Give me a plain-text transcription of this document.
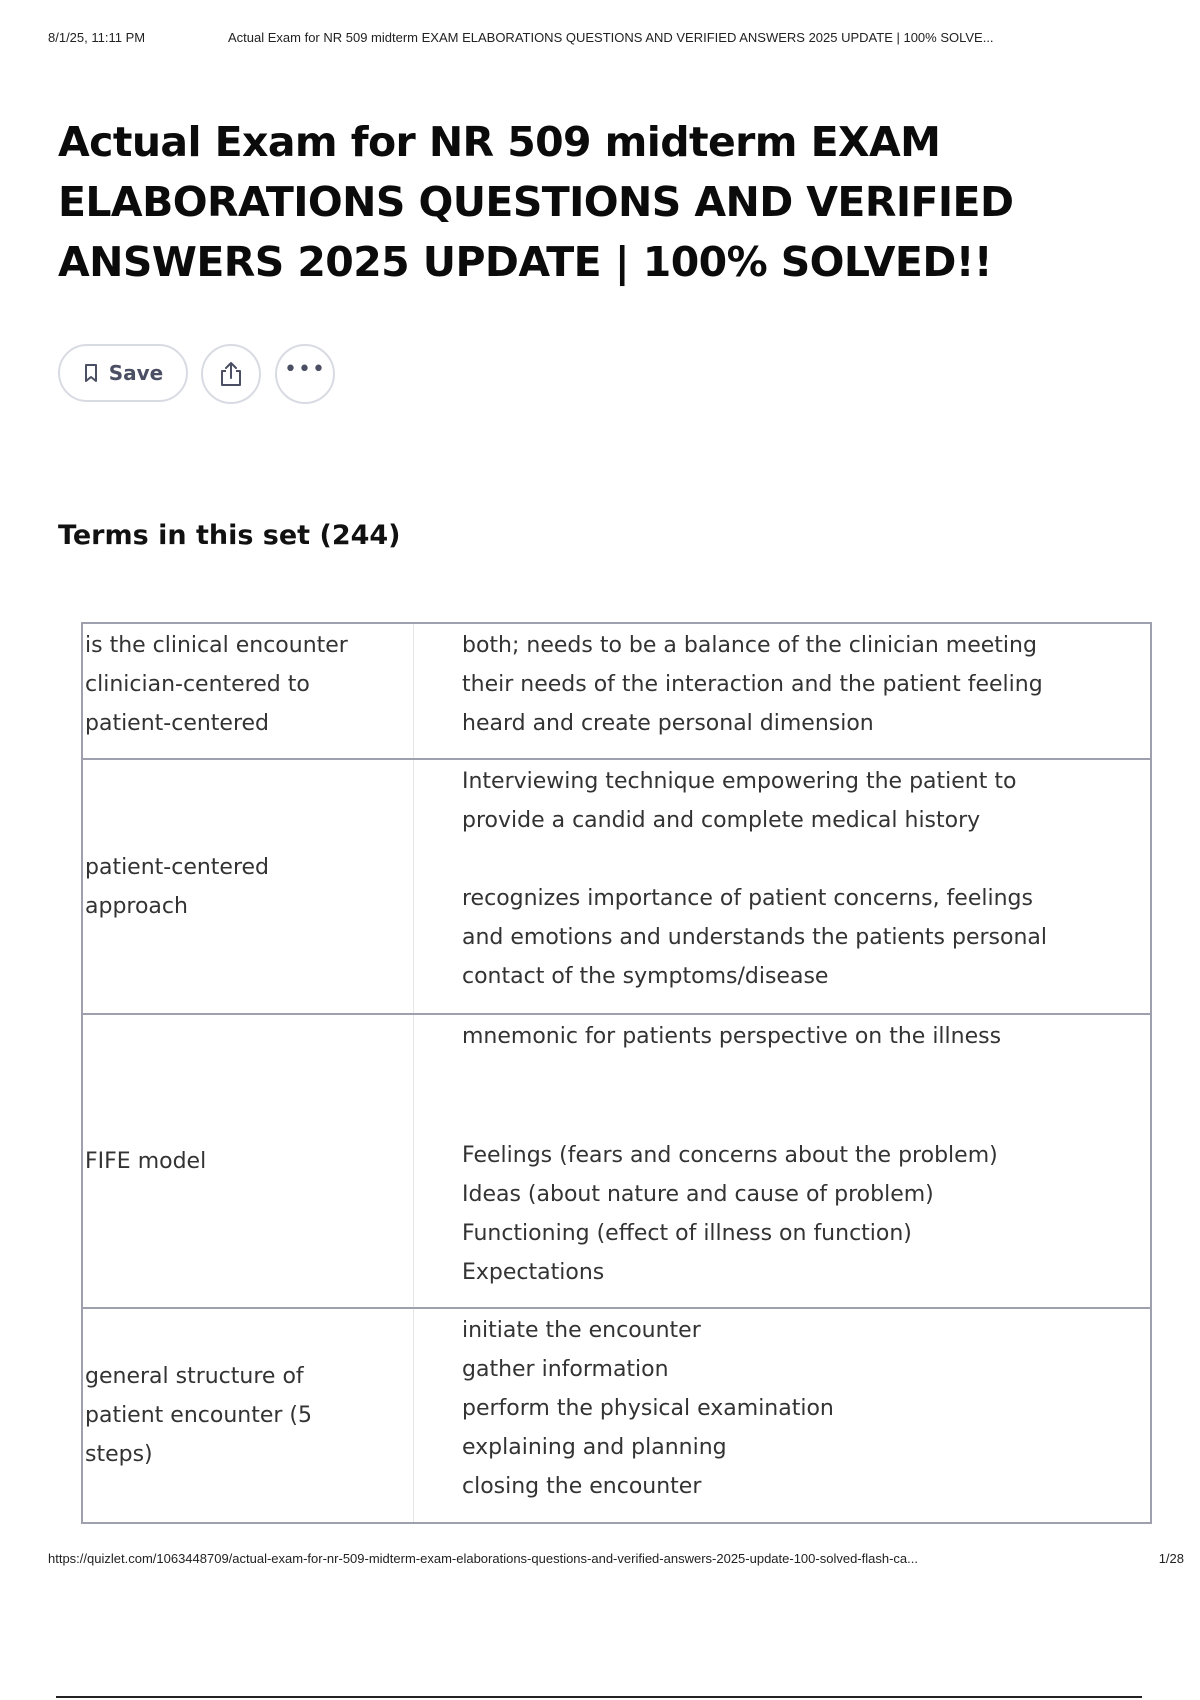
8/1/25, 11:11 PM	Actual Exam for NR 509 midterm EXAM ELABORATIONS QUESTIONS AND VERIFIED ANSWERS 2025 UPDATE | 100% SOLVE...
Actual Exam for NR 509 midterm EXAM ELABORATIONS QUESTIONS AND VERIFIED ANSWERS 2025 UPDATE | 100% SOLVED!!
Save	•••
Terms in this set (244)
is the clinical encounter
clinician-centered to
patient-centered	both; needs to be a balance of the clinician meeting
their needs of the interaction and the patient feeling
heard and create personal dimension

patient-centered
approach	Interviewing technique empowering the patient to
provide a candid and complete medical history
recognizes importance of patient concerns, feelings
and emotions and understands the patients personal
contact of the symptoms/disease

FIFE model	mnemonic for patients perspective on the illness
Feelings (fears and concerns about the problem)
Ideas (about nature and cause of problem)
Functioning (effect of illness on function)
Expectations

general structure of
patient encounter (5
steps)	initiate the encounter
gather information
perform the physical examination
explaining and planning
closing the encounter
https://quizlet.com/1063448709/actual-exam-for-nr-509-midterm-exam-elaborations-questions-and-verified-answers-2025-update-100-solved-flash-ca...	1/28
